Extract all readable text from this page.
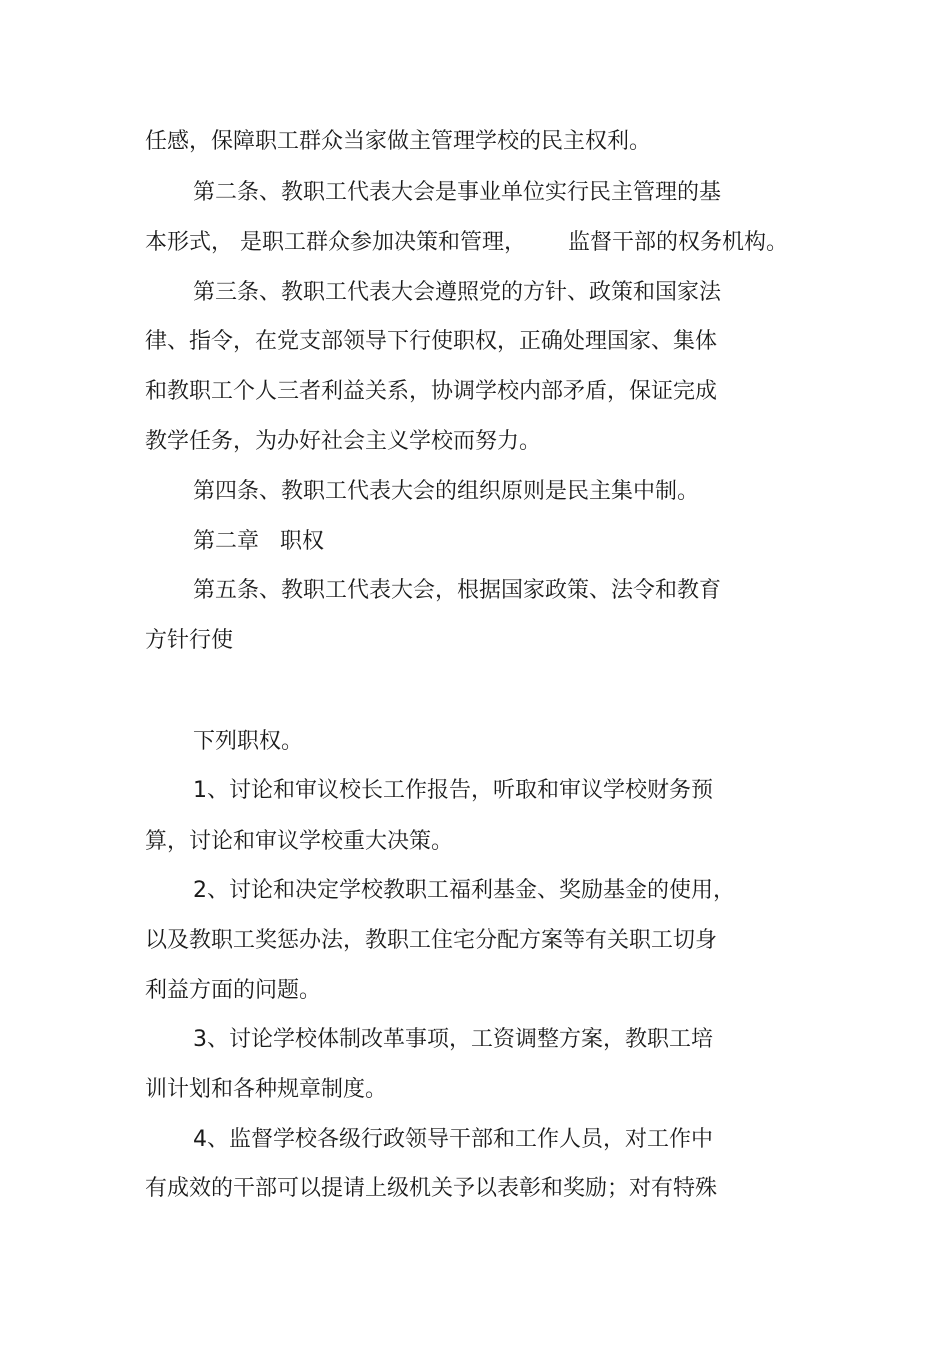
任感，保障职工群众当家做主管理学校的民主权利。
第二条、教职工代表大会是事业单位实行民主管理的基
本形式， 是职工群众参加决策和管理，      监督干部的权务机构。
第三条、教职工代表大会遵照党的方针、政策和国家法
律、指令，在党支部领导下行使职权，正确处理国家、集体
和教职工个人三者利益关系，协调学校内部矛盾，保证完成
教学任务，为办好社会主义学校而努力。
第四条、教职工代表大会的组织原则是民主集中制。
第二章   职权
第五条、教职工代表大会，根据国家政策、法令和教育
方针行使
下列职权。
1、讨论和审议校长工作报告，听取和审议学校财务预
算，讨论和审议学校重大决策。
2、讨论和决定学校教职工福利基金、奖励基金的使用，
以及教职工奖惩办法，教职工住宅分配方案等有关职工切身
利益方面的问题。
3、讨论学校体制改革事项，工资调整方案，教职工培
训计划和各种规章制度。
4、监督学校各级行政领导干部和工作人员，对工作中
有成效的干部可以提请上级机关予以表彰和奖励；对有特殊
